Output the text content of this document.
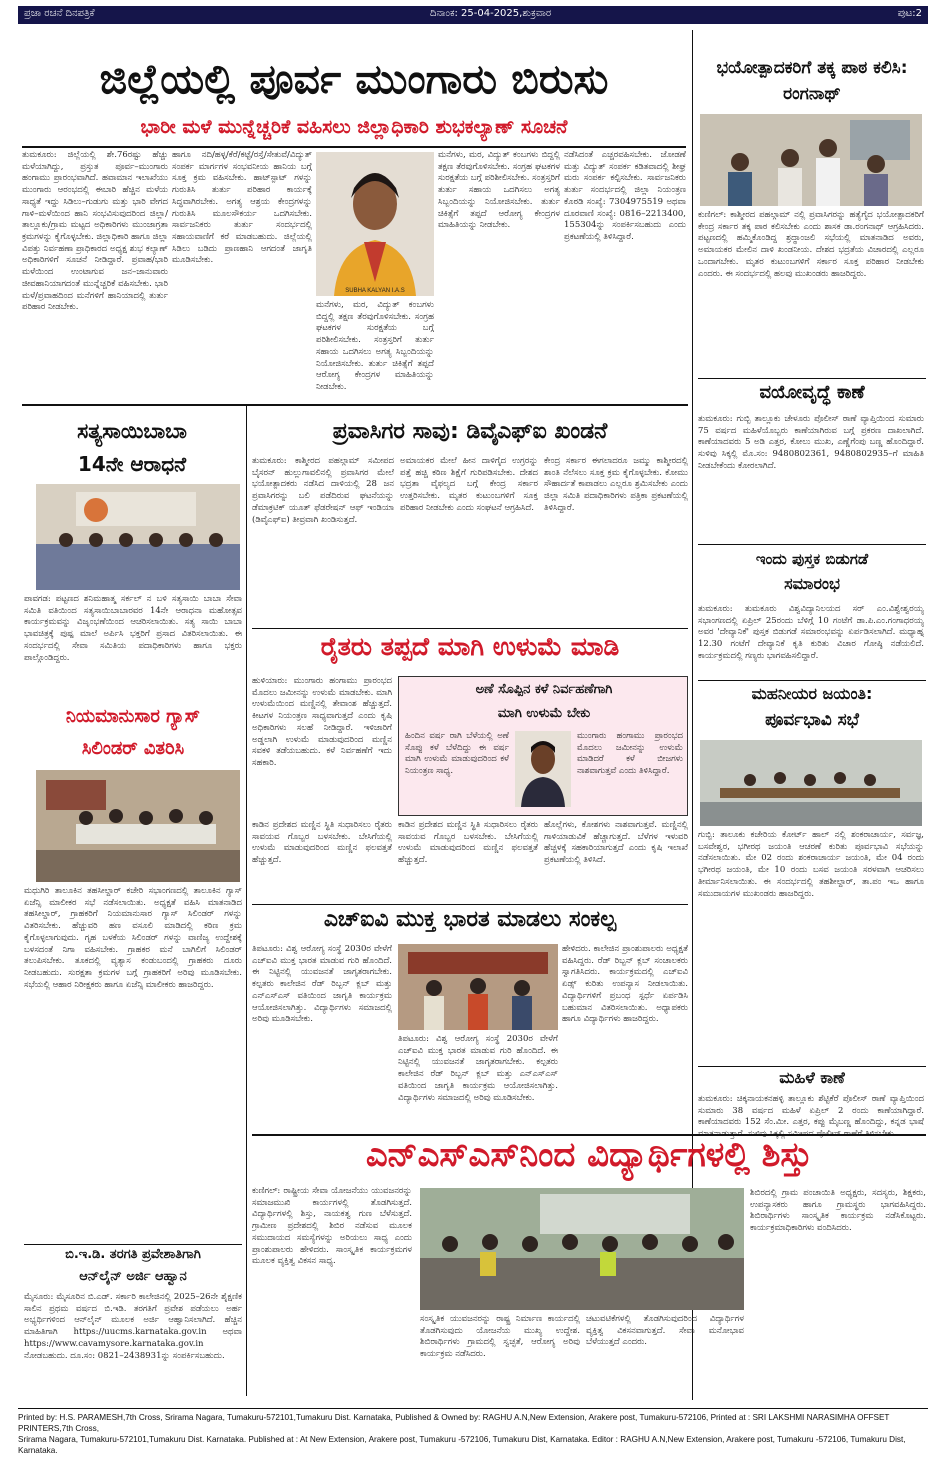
ಪ್ರಜಾ ರಚನೆ ದಿನಪತ್ರಿಕೆ	ದಿನಾಂಕ: 25-04-2025,ಶುಕ್ರವಾರ	ಪುಟ:2
ಜಿಲ್ಲೆಯಲ್ಲಿ ಪೂರ್ವ ಮುಂಗಾರು ಬಿರುಸು
ಭಾರೀ ಮಳೆ ಮುನ್ನೆಚ್ಚರಿಕೆ ವಹಿಸಲು ಜಿಲ್ಲಾಧಿಕಾರಿ ಶುಭಕಲ್ಯಾಣ್ ಸೂಚನೆ
ತುಮಕೂರು: ಜಿಲ್ಲೆಯಲ್ಲಿ ಶೇ.76ರಷ್ಟು ಹೆಚ್ಚು ಮಳೆಯಾಗಿದ್ದು, ಪ್ರಸ್ತುತ ಪೂರ್ವ–ಮುಂಗಾರು ಹಂಗಾಮು ಪ್ರಾರಂಭವಾಗಿದೆ. ಹವಾಮಾನ ಇಲಾಖೆಯು ಮುಂಗಾರು ಆರಂಭದಲ್ಲಿ ಈಬಾರಿ ಹೆಚ್ಚಿನ ಮಳೆಯ ಸಾಧ್ಯತೆ ಇದ್ದು ಸಿಡಿಲು–ಗುಡುಗು ಮತ್ತು ಭಾರಿ ವೇಗದ ಗಾಳಿ–ಮಳೆಯಿಂದ ಹಾನಿ ಸಂಭವಿಸುವುದರಿಂದ ಜಿಲ್ಲಾ/ತಾಲ್ಲೂಕು/ಗ್ರಾಮ ಮಟ್ಟದ ಅಧಿಕಾರಿಗಳು ಮುಂಜಾಗ್ರತಾ ಕ್ರಮಗಳನ್ನು ಕೈಗೊಳ್ಳಬೇಕು. ಜಿಲ್ಲಾಧಿಕಾರಿ ಹಾಗೂ ಜಿಲ್ಲಾ ವಿಪತ್ತು ನಿರ್ವಹಣಾ ಪ್ರಾಧಿಕಾರದ ಅಧ್ಯಕ್ಷ ಶುಭ ಕಲ್ಯಾಣ್ ಅಧಿಕಾರಿಗಳಿಗೆ ಸೂಚನೆ ನೀಡಿದ್ದಾರೆ. ಪ್ರವಾಹ/ಭಾರಿ ಮಳೆಯಿಂದ ಉಂಟಾಗುವ ಜನ–ಜಾನುವಾರು ಜೀವಹಾನಿಯಾಗದಂತೆ ಮುನ್ನೆಚ್ಚರಿಕೆ ವಹಿಸಬೇಕು. ಭಾರಿ ಮಳೆ/ಪ್ರವಾಹದಿಂದ ಮನೆಗಳಿಗೆ ಹಾನಿಯಾದಲ್ಲಿ ತುರ್ತು ಪರಿಹಾರ ನೀಡಬೇಕು.
ಹಾಗೂ ನದಿ/ಹಳ್ಳ/ಕೆರೆ/ಕಟ್ಟೆ/ರಸ್ತೆ/ಸೇತುವೆ/ವಿದ್ಯುತ್ ಸಂಪರ್ಕ ಮಾರ್ಗಗಳ ಸಂಭವನೀಯ ಹಾನಿಯ ಬಗ್ಗೆ ಸೂಕ್ತ ಕ್ರಮ ವಹಿಸಬೇಕು. ಹಾಟ್‌ಸ್ಪಾಟ್ ಗಳನ್ನು ಗುರುತಿಸಿ ತುರ್ತು ಪರಿಹಾರ ಕಾರ್ಯಕ್ಕೆ ಸಿದ್ಧವಾಗಿರಬೇಕು. ಅಗತ್ಯ ಆಶ್ರಯ ಕೇಂದ್ರಗಳನ್ನು ಗುರುತಿಸಿ ಮೂಲಸೌಕರ್ಯ ಒದಗಿಸಬೇಕು. ಸಾರ್ವಜನಿಕರು ತುರ್ತು ಸಂದರ್ಭದಲ್ಲಿ ಸಹಾಯವಾಣಿಗೆ ಕರೆ ಮಾಡಬಹುದು. ಜಿಲ್ಲೆಯಲ್ಲಿ ಸಿಡಿಲು ಬಡಿದು ಪ್ರಾಣಹಾನಿ ಆಗದಂತೆ ಜಾಗೃತಿ ಮೂಡಿಸಬೇಕು.
SUBHA KALYAN I.A.S
ಮನೆಗಳು, ಮರ, ವಿದ್ಯುತ್ ಕಂಬಗಳು ಬಿದ್ದಲ್ಲಿ ತಕ್ಷಣ ತೆರವುಗೊಳಿಸಬೇಕು. ಸಂಗ್ರಹ ಘಟಕಗಳ ಸುರಕ್ಷತೆಯ ಬಗ್ಗೆ ಪರಿಶೀಲಿಸಬೇಕು. ಸಂತ್ರಸ್ತರಿಗೆ ತುರ್ತು ಸಹಾಯ ಒದಗಿಸಲು ಅಗತ್ಯ ಸಿಬ್ಬಂದಿಯನ್ನು ನಿಯೋಜಿಸಬೇಕು. ತುರ್ತು ಚಿಕಿತ್ಸೆಗೆ ತಪ್ಪದೆ ಆರೋಗ್ಯ ಕೇಂದ್ರಗಳ ಮಾಹಿತಿಯನ್ನು ನೀಡಬೇಕು.
ಮನೆಗಳು, ಮರ, ವಿದ್ಯುತ್ ಕಂಬಗಳು ಬಿದ್ದಲ್ಲಿ ತಕ್ಷಣ ತೆರವುಗೊಳಿಸಬೇಕು. ಸಂಗ್ರಹ ಘಟಕಗಳ ಸುರಕ್ಷತೆಯ ಬಗ್ಗೆ ಪರಿಶೀಲಿಸಬೇಕು. ಸಂತ್ರಸ್ತರಿಗೆ ತುರ್ತು ಸಹಾಯ ಒದಗಿಸಲು ಅಗತ್ಯ ಸಿಬ್ಬಂದಿಯನ್ನು ನಿಯೋಜಿಸಬೇಕು. ತುರ್ತು ಚಿಕಿತ್ಸೆಗೆ ತಪ್ಪದೆ ಆರೋಗ್ಯ ಕೇಂದ್ರಗಳ ಮಾಹಿತಿಯನ್ನು ನೀಡಬೇಕು.
ನಡೆಸಿದಂತೆ ಎಚ್ಚರವಹಿಸಬೇಕು. ಜೋಡಣೆ ಮತ್ತು ವಿದ್ಯುತ್ ಸಂಪರ್ಕ ಕಡಿತವಾದಲ್ಲಿ ಶೀಘ್ರ ಮರು ಸಂಪರ್ಕ ಕಲ್ಪಿಸಬೇಕು. ಸಾರ್ವಜನಿಕರು ತುರ್ತು ಸಂದರ್ಭದಲ್ಲಿ ಜಿಲ್ಲಾ ನಿಯಂತ್ರಣ ಕೊಠಡಿ ಸಂಖ್ಯೆ: 7304975519 ಅಥವಾ ದೂರವಾಣಿ ಸಂಖ್ಯೆ: 0816–2213400, 155304ನ್ನು ಸಂಪರ್ಕಿಸಬಹುದು ಎಂದು ಪ್ರಕಟಣೆಯಲ್ಲಿ ತಿಳಿಸಿದ್ದಾರೆ.
ಭಯೋತ್ಪಾದಕರಿಗೆ ತಕ್ಕ ಪಾಠ ಕಲಿಸಿ: ರಂಗನಾಥ್
ಕುಣಿಗಲ್: ಕಾಶ್ಮೀರದ ಪಹಲ್ಗಾಮ್ ನಲ್ಲಿ ಪ್ರವಾಸಿಗರನ್ನು ಹತ್ಯೆಗೈದ ಭಯೋತ್ಪಾದಕರಿಗೆ ಕೇಂದ್ರ ಸರ್ಕಾರ ತಕ್ಕ ಪಾಠ ಕಲಿಸಬೇಕು ಎಂದು ಶಾಸಕ ಡಾ.ರಂಗನಾಥ್ ಆಗ್ರಹಿಸಿದರು. ಪಟ್ಟಣದಲ್ಲಿ ಹಮ್ಮಿಕೊಂಡಿದ್ದ ಶ್ರದ್ಧಾಂಜಲಿ ಸಭೆಯಲ್ಲಿ ಮಾತನಾಡಿದ ಅವರು, ಅಮಾಯಕರ ಮೇಲಿನ ದಾಳಿ ಖಂಡನೀಯ. ದೇಶದ ಭದ್ರತೆಯ ವಿಚಾರದಲ್ಲಿ ಎಲ್ಲರೂ ಒಂದಾಗಬೇಕು. ಮೃತರ ಕುಟುಂಬಗಳಿಗೆ ಸರ್ಕಾರ ಸೂಕ್ತ ಪರಿಹಾರ ನೀಡಬೇಕು ಎಂದರು. ಈ ಸಂದರ್ಭದಲ್ಲಿ ಹಲವು ಮುಖಂಡರು ಹಾಜರಿದ್ದರು.
ವಯೋವೃದ್ಧೆ ಕಾಣೆ
ತುಮಕೂರು: ಗುಬ್ಬಿ ತಾಲ್ಲೂಕು ಚೇಳೂರು ಪೊಲೀಸ್ ಠಾಣೆ ವ್ಯಾಪ್ತಿಯಿಂದ ಸುಮಾರು 75 ವರ್ಷದ ಮಹಿಳೆಯೊಬ್ಬರು ಕಾಣೆಯಾಗಿರುವ ಬಗ್ಗೆ ಪ್ರಕರಣ ದಾಖಲಾಗಿದೆ. ಕಾಣೆಯಾದವರು 5 ಅಡಿ ಎತ್ತರ, ಕೋಲು ಮುಖ, ಎಣ್ಣೆಗೆಂಪು ಬಣ್ಣ ಹೊಂದಿದ್ದಾರೆ. ಸುಳಿವು ಸಿಕ್ಕಲ್ಲಿ ಮೊ.ಸಂ: 9480802361, 9480802935–ಗೆ ಮಾಹಿತಿ ನೀಡಬೇಕೆಂದು ಕೋರಲಾಗಿದೆ.
ಇಂದು ಪುಸ್ತಕ ಬಿಡುಗಡೆ
ಸಮಾರಂಭ
ತುಮಕೂರು: ತುಮಕೂರು ವಿಶ್ವವಿದ್ಯಾನಿಲಯದ ಸರ್ ಎಂ.ವಿಶ್ವೇಶ್ವರಯ್ಯ ಸಭಾಂಗಣದಲ್ಲಿ ಏಪ್ರಿಲ್ 25ರಂದು ಬೆಳಿಗ್ಗೆ 10 ಗಂಟೆಗೆ ಡಾ.ಪಿ.ಎಂ.ಗಂಗಾಧರಯ್ಯ ಅವರ 'ದೇವ್ಯಾನಿಕೆ' ಪುಸ್ತಕ ಬಿಡುಗಡೆ ಸಮಾರಂಭವನ್ನು ಏರ್ಪಡಿಸಲಾಗಿದೆ. ಮಧ್ಯಾಹ್ನ 12.30 ಗಂಟೆಗೆ ದೇವ್ಯಾನಿಕೆ ಕೃತಿ ಕುರಿತು ವಿಚಾರ ಗೋಷ್ಠಿ ನಡೆಯಲಿದೆ. ಕಾರ್ಯಕ್ರಮದಲ್ಲಿ ಗಣ್ಯರು ಭಾಗವಹಿಸಲಿದ್ದಾರೆ.
ಮಹನೀಯರ ಜಯಂತಿ:
ಪೂರ್ವಭಾವಿ ಸಭೆ
ಗುಬ್ಬಿ: ತಾಲೂಕು ಕಚೇರಿಯ ಕೋರ್ಟ್ ಹಾಲ್ ನಲ್ಲಿ ಶಂಕರಾಚಾರ್ಯ, ಸರ್ವಜ್ಞ, ಬಸವೇಶ್ವರ, ಭಗೀರಥ ಜಯಂತಿ ಆಚರಣೆ ಕುರಿತು ಪೂರ್ವಭಾವಿ ಸಭೆಯನ್ನು ನಡೆಸಲಾಯಿತು. ಮೇ 02 ರಂದು ಶಂಕರಾಚಾರ್ಯ ಜಯಂತಿ, ಮೇ 04 ರಂದು ಭಗೀರಥ ಜಯಂತಿ, ಮೇ 10 ರಂದು ಬಸವ ಜಯಂತಿ ಸರಳವಾಗಿ ಆಚರಿಸಲು ತೀರ್ಮಾನಿಸಲಾಯಿತು. ಈ ಸಂದರ್ಭದಲ್ಲಿ ತಹಶೀಲ್ದಾರ್, ತಾ.ಪಂ ಇಒ ಹಾಗೂ ಸಮುದಾಯಗಳ ಮುಖಂಡರು ಹಾಜರಿದ್ದರು.
ಮಹಿಳೆ ಕಾಣೆ
ತುಮಕೂರು: ಚಿಕ್ಕನಾಯಕನಹಳ್ಳಿ ತಾಲ್ಲೂಕು ಶೆಟ್ಟಿಕೆರೆ ಪೊಲೀಸ್ ಠಾಣೆ ವ್ಯಾಪ್ತಿಯಿಂದ ಸುಮಾರು 38 ವರ್ಷದ ಮಹಿಳೆ ಏಪ್ರಿಲ್ 2 ರಂದು ಕಾಣೆಯಾಗಿದ್ದಾರೆ. ಕಾಣೆಯಾದವರು 152 ಸೆಂ.ಮೀ. ಎತ್ತರ, ಕಪ್ಪು ಮೈಬಣ್ಣ ಹೊಂದಿದ್ದು, ಕನ್ನಡ ಭಾಷೆ
ಸತ್ಯಸಾಯಿಬಾಬಾ
14ನೇ ಆರಾಧನೆ
ಪಾವಗಡ: ಪಟ್ಟಣದ ಶನಿಮಹಾತ್ಮ ಸರ್ಕಲ್ ನ ಬಳಿ ಸತ್ಯಸಾಯಿ ಬಾಬಾ ಸೇವಾ ಸಮಿತಿ ವತಿಯಿಂದ ಸತ್ಯಸಾಯಿಬಾಬಾರವರ 14ನೇ ಆರಾಧನಾ ಮಹೋತ್ಸವ ಕಾರ್ಯಕ್ರಮವನ್ನು ವಿಜೃಂಭಣೆಯಿಂದ ಆಚರಿಸಲಾಯಿತು. ಸತ್ಯ ಸಾಯಿ ಬಾಬಾ ಭಾವಚಿತ್ರಕ್ಕೆ ಪುಷ್ಪ ಮಾಲೆ ಅರ್ಪಿಸಿ ಭಕ್ತರಿಗೆ ಪ್ರಸಾದ ವಿತರಿಸಲಾಯಿತು. ಈ ಸಂದರ್ಭದಲ್ಲಿ ಸೇವಾ ಸಮಿತಿಯ ಪದಾಧಿಕಾರಿಗಳು ಹಾಗೂ ಭಕ್ತರು ಪಾಲ್ಗೊಂಡಿದ್ದರು.
ನಿಯಮಾನುಸಾರ ಗ್ಯಾಸ್
ಸಿಲಿಂಡರ್ ವಿತರಿಸಿ
ಮಧುಗಿರಿ ತಾಲೂಕಿನ ತಹಸೀಲ್ದಾರ್ ಕಚೇರಿ ಸಭಾಂಗಣದಲ್ಲಿ ತಾಲೂಕಿನ ಗ್ಯಾಸ್ ಏಜೆನ್ಸಿ ಮಾಲೀಕರ ಸಭೆ ನಡೆಸಲಾಯಿತು. ಅಧ್ಯಕ್ಷತೆ ವಹಿಸಿ ಮಾತನಾಡಿದ ತಹಸೀಲ್ದಾರ್, ಗ್ರಾಹಕರಿಗೆ ನಿಯಮಾನುಸಾರ ಗ್ಯಾಸ್ ಸಿಲಿಂಡರ್ ಗಳನ್ನು ವಿತರಿಸಬೇಕು. ಹೆಚ್ಚುವರಿ ಹಣ ವಸೂಲಿ ಮಾಡಿದಲ್ಲಿ ಕಠಿಣ ಕ್ರಮ ಕೈಗೊಳ್ಳಲಾಗುವುದು. ಗೃಹ ಬಳಕೆಯ ಸಿಲಿಂಡರ್ ಗಳನ್ನು ವಾಣಿಜ್ಯ ಉದ್ದೇಶಕ್ಕೆ ಬಳಸದಂತೆ ನಿಗಾ ವಹಿಸಬೇಕು. ಗ್ರಾಹಕರ ಮನೆ ಬಾಗಿಲಿಗೆ ಸಿಲಿಂಡರ್ ತಲುಪಿಸಬೇಕು. ತೂಕದಲ್ಲಿ ವ್ಯತ್ಯಾಸ ಕಂಡುಬಂದಲ್ಲಿ ಗ್ರಾಹಕರು ದೂರು ನೀಡಬಹುದು. ಸುರಕ್ಷತಾ ಕ್ರಮಗಳ ಬಗ್ಗೆ ಗ್ರಾಹಕರಿಗೆ ಅರಿವು ಮೂಡಿಸಬೇಕು. ಸಭೆಯಲ್ಲಿ ಆಹಾರ ನಿರೀಕ್ಷಕರು ಹಾಗೂ ಏಜೆನ್ಸಿ ಮಾಲೀಕರು ಹಾಜರಿದ್ದರು.
ಬಿ.ಇ.ಡಿ. ತರಗತಿ ಪ್ರವೇಶಾತಿಗಾಗಿ
ಆನ್‌ಲೈನ್ ಅರ್ಜಿ ಆಹ್ವಾನ
ಮೈಸೂರು: ಮೈಸೂರಿನ ಬಿ.ಎಡ್. ಸರ್ಕಾರಿ ಕಾಲೇಜಿನಲ್ಲಿ 2025–26ನೇ ಶೈಕ್ಷಣಿಕ ಸಾಲಿನ ಪ್ರಥಮ ವರ್ಷದ ಬಿ.ಇಡಿ. ತರಗತಿಗೆ ಪ್ರವೇಶ ಪಡೆಯಲು ಅರ್ಹ ಅಭ್ಯರ್ಥಿಗಳಿಂದ ಆನ್‌ಲೈನ್ ಮೂಲಕ ಅರ್ಜಿ ಆಹ್ವಾನಿಸಲಾಗಿದೆ. ಹೆಚ್ಚಿನ ಮಾಹಿತಿಗಾಗಿ https://uucms.karnataka.gov.in ಅಥವಾ https://www.cavamysore.karnataka.gov.in ನೋಡಬಹುದು. ದೂ.ಸಂ: 0821–2438931ನ್ನು ಸಂಪರ್ಕಿಸಬಹುದು.
ಪ್ರವಾಸಿಗರ ಸಾವು: ಡಿವೈಎಫ್‌ಐ ಖಂಡನೆ
ತುಮಕೂರು: ಕಾಶ್ಮೀರದ ಪಹಲ್ಗಾಮ್ ಸಮೀಪದ ಬೈಸರನ್ ಹುಲ್ಲುಗಾವಲಿನಲ್ಲಿ ಪ್ರವಾಸಿಗರ ಮೇಲೆ ಭಯೋತ್ಪಾದಕರು ನಡೆಸಿದ ದಾಳಿಯಲ್ಲಿ 28 ಜನ ಪ್ರವಾಸಿಗರನ್ನು ಬಲಿ ಪಡೆದಿರುವ ಘಟನೆಯನ್ನು ಡೆಮಾಕ್ರಟಿಕ್ ಯೂತ್ ಫೆಡರೇಷನ್ ಆಫ್ ಇಂಡಿಯಾ (ಡಿವೈಎಫ್‌ಐ) ತೀವ್ರವಾಗಿ ಖಂಡಿಸುತ್ತದೆ.
ಅಮಾಯಕರ ಮೇಲೆ ಹೀನ ದಾಳಿಗೈದ ಉಗ್ರರನ್ನು ಪತ್ತೆ ಹಚ್ಚಿ ಕಠಿಣ ಶಿಕ್ಷೆಗೆ ಗುರಿಪಡಿಸಬೇಕು. ದೇಶದ ಭದ್ರತಾ ವೈಫಲ್ಯದ ಬಗ್ಗೆ ಕೇಂದ್ರ ಸರ್ಕಾರ ಉತ್ತರಿಸಬೇಕು. ಮೃತರ ಕುಟುಂಬಗಳಿಗೆ ಸೂಕ್ತ ಪರಿಹಾರ ನೀಡಬೇಕು ಎಂದು ಸಂಘಟನೆ ಆಗ್ರಹಿಸಿದೆ.
ಕೇಂದ್ರ ಸರ್ಕಾರ ಈಗಲಾದರೂ ಜಮ್ಮು ಕಾಶ್ಮೀರದಲ್ಲಿ ಶಾಂತಿ ನೆಲೆಸಲು ಸೂಕ್ತ ಕ್ರಮ ಕೈಗೊಳ್ಳಬೇಕು. ಕೋಮು ಸೌಹಾರ್ದತೆ ಕಾಪಾಡಲು ಎಲ್ಲರೂ ಶ್ರಮಿಸಬೇಕು ಎಂದು ಜಿಲ್ಲಾ ಸಮಿತಿ ಪದಾಧಿಕಾರಿಗಳು ಪತ್ರಿಕಾ ಪ್ರಕಟಣೆಯಲ್ಲಿ ತಿಳಿಸಿದ್ದಾರೆ.
ರೈತರು ತಪ್ಪದೆ ಮಾಗಿ ಉಳುಮೆ ಮಾಡಿ
ಹುಳಿಯಾರು: ಮುಂಗಾರು ಹಂಗಾಮು ಪ್ರಾರಂಭದ ಮೊದಲು ಜಮೀನನ್ನು ಉಳುಮೆ ಮಾಡಬೇಕು. ಮಾಗಿ ಉಳುಮೆಯಿಂದ ಮಣ್ಣಿನಲ್ಲಿ ತೇವಾಂಶ ಹೆಚ್ಚುತ್ತದೆ. ಕೀಟಗಳ ನಿಯಂತ್ರಣ ಸಾಧ್ಯವಾಗುತ್ತದೆ ಎಂದು ಕೃಷಿ ಅಧಿಕಾರಿಗಳು ಸಲಹೆ ನೀಡಿದ್ದಾರೆ. ಇಳಿಜಾರಿಗೆ ಅಡ್ಡಲಾಗಿ ಉಳುಮೆ ಮಾಡುವುದರಿಂದ ಮಣ್ಣಿನ ಸವಕಳಿ ತಡೆಯಬಹುದು. ಕಳೆ ನಿರ್ವಹಣೆಗೆ ಇದು ಸಹಕಾರಿ.
ಅಣೆ ಸೊಪ್ಪಿನ ಕಳೆ ನಿರ್ವಹಣೆಗಾಗಿ
ಮಾಗಿ ಉಳುಮೆ ಬೇಕು
ಹಿಂದಿನ ವರ್ಷ ರಾಗಿ ಬೆಳೆಯಲ್ಲಿ ಅಣೆ ಸೊಪ್ಪು ಕಳೆ ಬೆಳೆದಿದ್ದು ಈ ವರ್ಷ ಮಾಗಿ ಉಳುಮೆ ಮಾಡುವುದರಿಂದ ಕಳೆ ನಿಯಂತ್ರಣ ಸಾಧ್ಯ.
ಮುಂಗಾರು ಹಂಗಾಮು ಪ್ರಾರಂಭದ ಮೊದಲು ಜಮೀನನ್ನು ಉಳುಮೆ ಮಾಡಿದರೆ ಕಳೆ ಬೀಜಗಳು ನಾಶವಾಗುತ್ತವೆ ಎಂದು ತಿಳಿಸಿದ್ದಾರೆ.
ಕಾಡಿನ ಪ್ರದೇಶದ ಮಣ್ಣಿನ ಸ್ಥಿತಿ ಸುಧಾರಿಸಲು ರೈತರು ಸಾವಯವ ಗೊಬ್ಬರ ಬಳಸಬೇಕು. ಬೇಸಿಗೆಯಲ್ಲಿ ಉಳುಮೆ ಮಾಡುವುದರಿಂದ ಮಣ್ಣಿನ ಫಲವತ್ತತೆ ಹೆಚ್ಚುತ್ತದೆ.
ಹೊಲ್ಲೆಗಳು, ಕೋಶಗಳು ನಾಶವಾಗುತ್ತವೆ. ಮಣ್ಣಿನಲ್ಲಿ ಗಾಳಿಯಾಡುವಿಕೆ ಹೆಚ್ಚಾಗುತ್ತದೆ. ಬೆಳೆಗಳ ಇಳುವರಿ ಹೆಚ್ಚಳಕ್ಕೆ ಸಹಕಾರಿಯಾಗುತ್ತದೆ ಎಂದು ಕೃಷಿ ಇಲಾಖೆ ಪ್ರಕಟಣೆಯಲ್ಲಿ ತಿಳಿಸಿದೆ.
ಕಾಡಿನ ಪ್ರದೇಶದ ಮಣ್ಣಿನ ಸ್ಥಿತಿ ಸುಧಾರಿಸಲು ರೈತರು ಸಾವಯವ ಗೊಬ್ಬರ ಬಳಸಬೇಕು. ಬೇಸಿಗೆಯಲ್ಲಿ ಉಳುಮೆ ಮಾಡುವುದರಿಂದ ಮಣ್ಣಿನ ಫಲವತ್ತತೆ ಹೆಚ್ಚುತ್ತದೆ.
ಎಚ್‌ಐವಿ ಮುಕ್ತ ಭಾರತ ಮಾಡಲು ಸಂಕಲ್ಪ
ತಿಪಟೂರು: ವಿಶ್ವ ಆರೋಗ್ಯ ಸಂಸ್ಥೆ 2030ರ ವೇಳೆಗೆ ಎಚ್‌ಐವಿ ಮುಕ್ತ ಭಾರತ ಮಾಡುವ ಗುರಿ ಹೊಂದಿದೆ. ಈ ನಿಟ್ಟಿನಲ್ಲಿ ಯುವಜನತೆ ಜಾಗೃತರಾಗಬೇಕು. ಕಲ್ಪತರು ಕಾಲೇಜಿನ ರೆಡ್ ರಿಬ್ಬನ್ ಕ್ಲಬ್ ಮತ್ತು ಎನ್‌ಎಸ್‌ಎಸ್ ವತಿಯಿಂದ ಜಾಗೃತಿ ಕಾರ್ಯಕ್ರಮ ಆಯೋಜಿಸಲಾಗಿತ್ತು. ವಿದ್ಯಾರ್ಥಿಗಳು ಸಮಾಜದಲ್ಲಿ ಅರಿವು ಮೂಡಿಸಬೇಕು.
ಹೇಳಿದರು. ಕಾಲೇಜಿನ ಪ್ರಾಂಶುಪಾಲರು ಅಧ್ಯಕ್ಷತೆ ವಹಿಸಿದ್ದರು. ರೆಡ್ ರಿಬ್ಬನ್ ಕ್ಲಬ್ ಸಂಚಾಲಕರು ಸ್ವಾಗತಿಸಿದರು. ಕಾರ್ಯಕ್ರಮದಲ್ಲಿ ಎಚ್‌ಐವಿ ಏಡ್ಸ್ ಕುರಿತು ಉಪನ್ಯಾಸ ನೀಡಲಾಯಿತು. ವಿದ್ಯಾರ್ಥಿಗಳಿಗೆ ಪ್ರಬಂಧ ಸ್ಪರ್ಧೆ ಏರ್ಪಡಿಸಿ ಬಹುಮಾನ ವಿತರಿಸಲಾಯಿತು. ಅಧ್ಯಾಪಕರು ಹಾಗೂ ವಿದ್ಯಾರ್ಥಿಗಳು ಹಾಜರಿದ್ದರು.
ತಿಪಟೂರು: ವಿಶ್ವ ಆರೋಗ್ಯ ಸಂಸ್ಥೆ 2030ರ ವೇಳೆಗೆ ಎಚ್‌ಐವಿ ಮುಕ್ತ ಭಾರತ ಮಾಡುವ ಗುರಿ ಹೊಂದಿದೆ. ಈ ನಿಟ್ಟಿನಲ್ಲಿ ಯುವಜನತೆ ಜಾಗೃತರಾಗಬೇಕು. ಕಲ್ಪತರು ಕಾಲೇಜಿನ ರೆಡ್ ರಿಬ್ಬನ್ ಕ್ಲಬ್ ಮತ್ತು ಎನ್‌ಎಸ್‌ಎಸ್ ವತಿಯಿಂದ ಜಾಗೃತಿ ಕಾರ್ಯಕ್ರಮ ಆಯೋಜಿಸಲಾಗಿತ್ತು. ವಿದ್ಯಾರ್ಥಿಗಳು ಸಮಾಜದಲ್ಲಿ ಅರಿವು ಮೂಡಿಸಬೇಕು.
ಎನ್‌ಎಸ್‌ಎಸ್‌ನಿಂದ ವಿದ್ಯಾರ್ಥಿಗಳಲ್ಲಿ ಶಿಸ್ತು
ಕುಣಿಗಲ್: ರಾಷ್ಟ್ರೀಯ ಸೇವಾ ಯೋಜನೆಯು ಯುವಜನರನ್ನು ಸಮಾಜಮುಖಿ ಕಾರ್ಯಗಳಲ್ಲಿ ತೊಡಗಿಸುತ್ತದೆ. ವಿದ್ಯಾರ್ಥಿಗಳಲ್ಲಿ ಶಿಸ್ತು, ನಾಯಕತ್ವ ಗುಣ ಬೆಳೆಸುತ್ತದೆ. ಗ್ರಾಮೀಣ ಪ್ರದೇಶದಲ್ಲಿ ಶಿಬಿರ ನಡೆಸುವ ಮೂಲಕ ಸಮುದಾಯದ ಸಮಸ್ಯೆಗಳನ್ನು ಅರಿಯಲು ಸಾಧ್ಯ ಎಂದು ಪ್ರಾಂಶುಪಾಲರು ಹೇಳಿದರು. ಸಾಂಸ್ಕೃತಿಕ ಕಾರ್ಯಕ್ರಮಗಳ ಮೂಲಕ ವ್ಯಕ್ತಿತ್ವ ವಿಕಸನ ಸಾಧ್ಯ.
ಸಂಸ್ಕೃತಿಕ ಯುವಜನರನ್ನು ರಾಷ್ಟ್ರ ನಿರ್ಮಾಣ ಕಾರ್ಯದಲ್ಲಿ ತೊಡಗಿಸುವುದು ಯೋಜನೆಯ ಮುಖ್ಯ ಉದ್ದೇಶ. ಶಿಬಿರಾರ್ಥಿಗಳು ಗ್ರಾಮದಲ್ಲಿ ಸ್ವಚ್ಛತೆ, ಆರೋಗ್ಯ ಅರಿವು ಕಾರ್ಯಕ್ರಮ ನಡೆಸಿದರು.
ಚಟುವಟಿಕೆಗಳಲ್ಲಿ ತೊಡಗಿಸುವುದರಿಂದ ವಿದ್ಯಾರ್ಥಿಗಳ ವ್ಯಕ್ತಿತ್ವ ವಿಕಸನವಾಗುತ್ತದೆ. ಸೇವಾ ಮನೋಭಾವ ಬೆಳೆಯುತ್ತದೆ ಎಂದರು.
ಶಿಬಿರದಲ್ಲಿ ಗ್ರಾಮ ಪಂಚಾಯಿತಿ ಅಧ್ಯಕ್ಷರು, ಸದಸ್ಯರು, ಶಿಕ್ಷಕರು, ಉಪನ್ಯಾಸಕರು ಹಾಗೂ ಗ್ರಾಮಸ್ಥರು ಭಾಗವಹಿಸಿದ್ದರು. ಶಿಬಿರಾರ್ಥಿಗಳು ಸಾಂಸ್ಕೃತಿಕ ಕಾರ್ಯಕ್ರಮ ನಡೆಸಿಕೊಟ್ಟರು. ಕಾರ್ಯಕ್ರಮಾಧಿಕಾರಿಗಳು ವಂದಿಸಿದರು.
Printed by: H.S. PARAMESH,7th Cross, Srirama Nagara, Tumakuru-572101,Tumakuru Dist. Karnataka, Published & Owned by: RAGHU A.N,New Extension, Arakere post, Tumakuru-572106, Printed at : SRI LAKSHMI NARASIMHA OFFSET PRINTERS,7th Cross,
Srirama Nagara, Tumakuru-572101,Tumakuru Dist. Karnataka. Published at : At New Extension, Arakere post, Tumakuru -572106, Tumakuru Dist, Karnataka. Editor : RAGHU A.N,New Extension, Arakere post, Tumakuru -572106, Tumakuru Dist, Karnataka.
